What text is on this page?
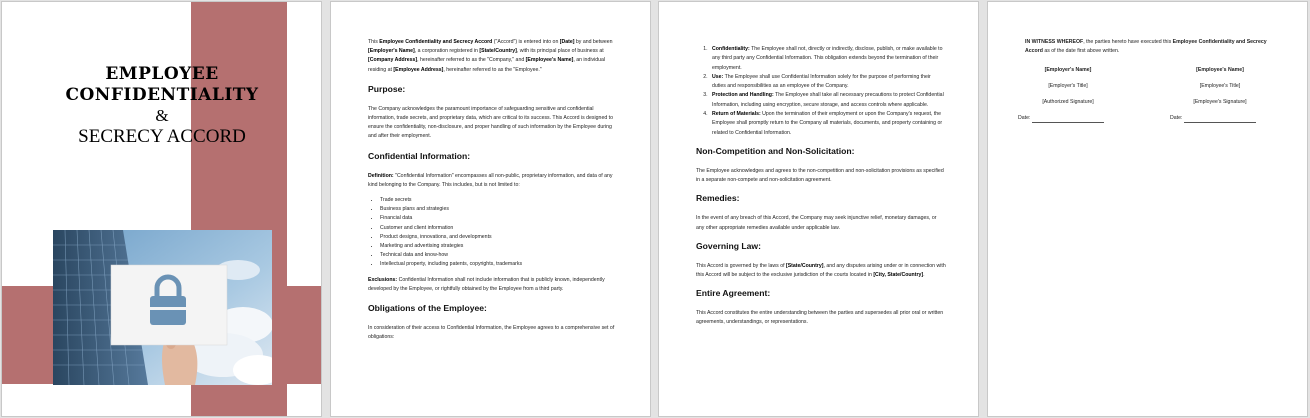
EMPLOYEE
CONFIDENTIALITY
&
SECRECY ACCORD

This Employee Confidentiality and Secrecy Accord ("Accord") is entered into on [Date] by and between [Employer's Name], a corporation registered in [State/Country], with its principal place of business at [Company Address], hereinafter referred to as the "Company," and [Employee's Name], an individual residing at [Employee Address], hereinafter referred to as the "Employee."

Purpose:

The Company acknowledges the paramount importance of safeguarding sensitive and confidential information, trade secrets, and proprietary data, which are critical to its success. This Accord is designed to ensure the confidentiality, non-disclosure, and proper handling of such information by the Employee during and after their employment.

Confidential Information:

Definition: "Confidential Information" encompasses all non-public, proprietary information, and data of any kind belonging to the Company. This includes, but is not limited to:

• Trade secrets
• Business plans and strategies
• Financial data
• Customer and client information
• Product designs, innovations, and developments
• Marketing and advertising strategies
• Technical data and know-how
• Intellectual property, including patents, copyrights, trademarks

Exclusions: Confidential Information shall not include information that is publicly known, independently developed by the Employee, or rightfully obtained by the Employee from a third party.

Obligations of the Employee:

In consideration of their access to Confidential Information, the Employee agrees to a comprehensive set of obligations:

1. Confidentiality: The Employee shall not, directly or indirectly, disclose, publish, or make available to any third party any Confidential Information. This obligation extends beyond the termination of their employment.
2. Use: The Employee shall use Confidential Information solely for the purpose of performing their duties and responsibilities as an employee of the Company.
3. Protection and Handling: The Employee shall take all necessary precautions to protect Confidential Information, including using encryption, secure storage, and access controls where applicable.
4. Return of Materials: Upon the termination of their employment or upon the Company's request, the Employee shall promptly return to the Company all materials, documents, and property containing or related to Confidential Information.
Non-Competition and Non-Solicitation:

The Employee acknowledges and agrees to the non-competition and non-solicitation provisions as specified in a separate non-compete and non-solicitation agreement.

Remedies:

In the event of any breach of this Accord, the Company may seek injunctive relief, monetary damages, or any other appropriate remedies available under applicable law.

Governing Law:

This Accord is governed by the laws of [State/Country], and any disputes arising under or in connection with this Accord will be subject to the exclusive jurisdiction of the courts located in [City, State/Country].

Entire Agreement:

This Accord constitutes the entire understanding between the parties and supersedes all prior oral or written agreements, understandings, or representations.

IN WITNESS WHEREOF, the parties hereto have executed this Employee Confidentiality and Secrecy Accord as of the date first above written.
[Employer's Name]
[Employer's Title]
[Authorized Signature]
Date:
[Employee's Name]
[Employee's Title]
[Employee's Signature]
Date:
